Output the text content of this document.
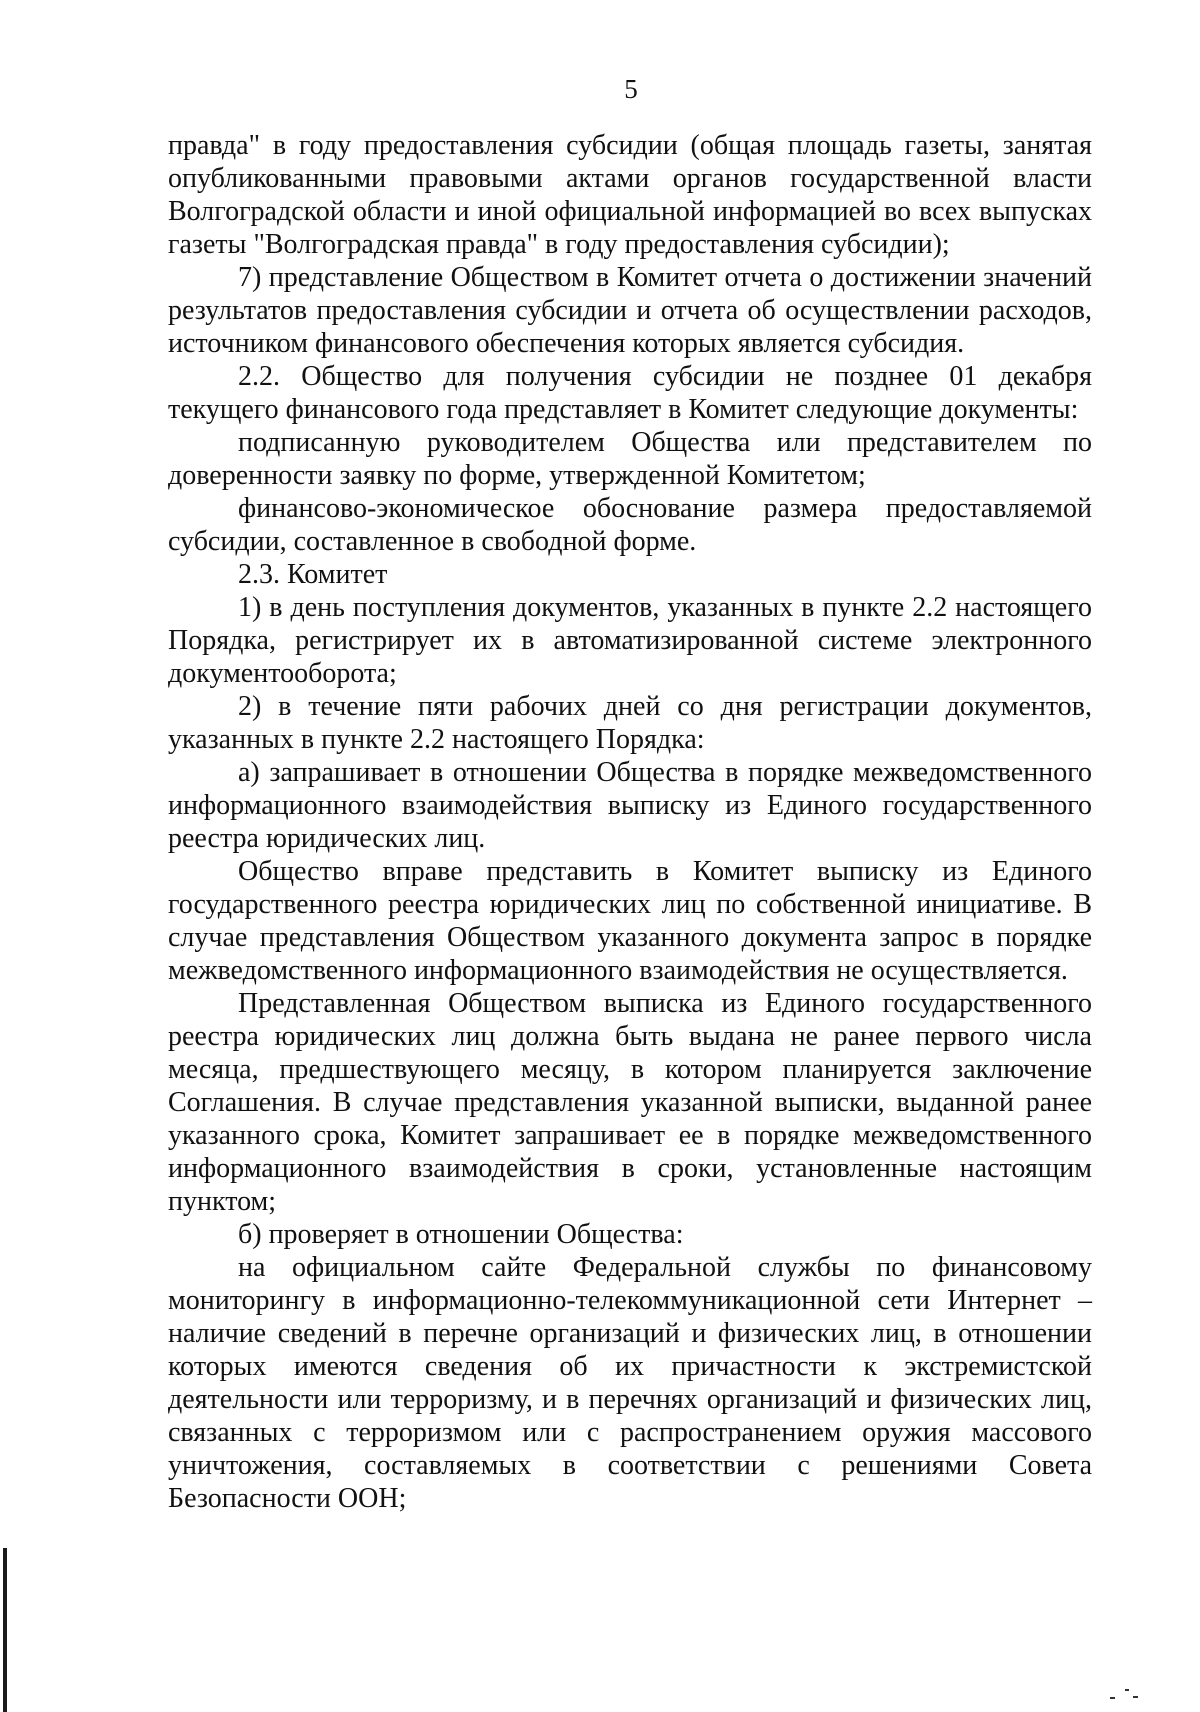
5

правда" в году предоставления субсидии (общая площадь газеты, занятая опубликованными правовыми актами органов государственной власти Волгоградской области и иной официальной информацией во всех выпусках газеты "Волгоградская правда" в году предоставления субсидии);

7) представление Обществом в Комитет отчета о достижении значений результатов предоставления субсидии и отчета об осуществлении расходов, источником финансового обеспечения которых является субсидия.

2.2. Общество для получения субсидии не позднее 01 декабря текущего финансового года представляет в Комитет следующие документы:

подписанную руководителем Общества или представителем по доверенности заявку по форме, утвержденной Комитетом;

финансово-экономическое обоснование размера предоставляемой субсидии, составленное в свободной форме.

2.3. Комитет

1) в день поступления документов, указанных в пункте 2.2 настоящего Порядка, регистрирует их в автоматизированной системе электронного документооборота;

2) в течение пяти рабочих дней со дня регистрации документов, указанных в пункте 2.2 настоящего Порядка:

а) запрашивает в отношении Общества в порядке межведомственного информационного взаимодействия выписку из Единого государственного реестра юридических лиц.

Общество вправе представить в Комитет выписку из Единого государственного реестра юридических лиц по собственной инициативе. В случае представления Обществом указанного документа запрос в порядке межведомственного информационного взаимодействия не осуществляется.

Представленная Обществом выписка из Единого государственного реестра юридических лиц должна быть выдана не ранее первого числа месяца, предшествующего месяцу, в котором планируется заключение Соглашения. В случае представления указанной выписки, выданной ранее указанного срока, Комитет запрашивает ее в порядке межведомственного информационного взаимодействия в сроки, установленные настоящим пунктом;

б) проверяет в отношении Общества:

на официальном сайте Федеральной службы по финансовому мониторингу в информационно-телекоммуникационной сети Интернет – наличие сведений в перечне организаций и физических лиц, в отношении которых имеются сведения об их причастности к экстремистской деятельности или терроризму, и в перечнях организаций и физических лиц, связанных с терроризмом или с распространением оружия массового уничтожения, составляемых в соответствии с решениями Совета Безопасности ООН;
